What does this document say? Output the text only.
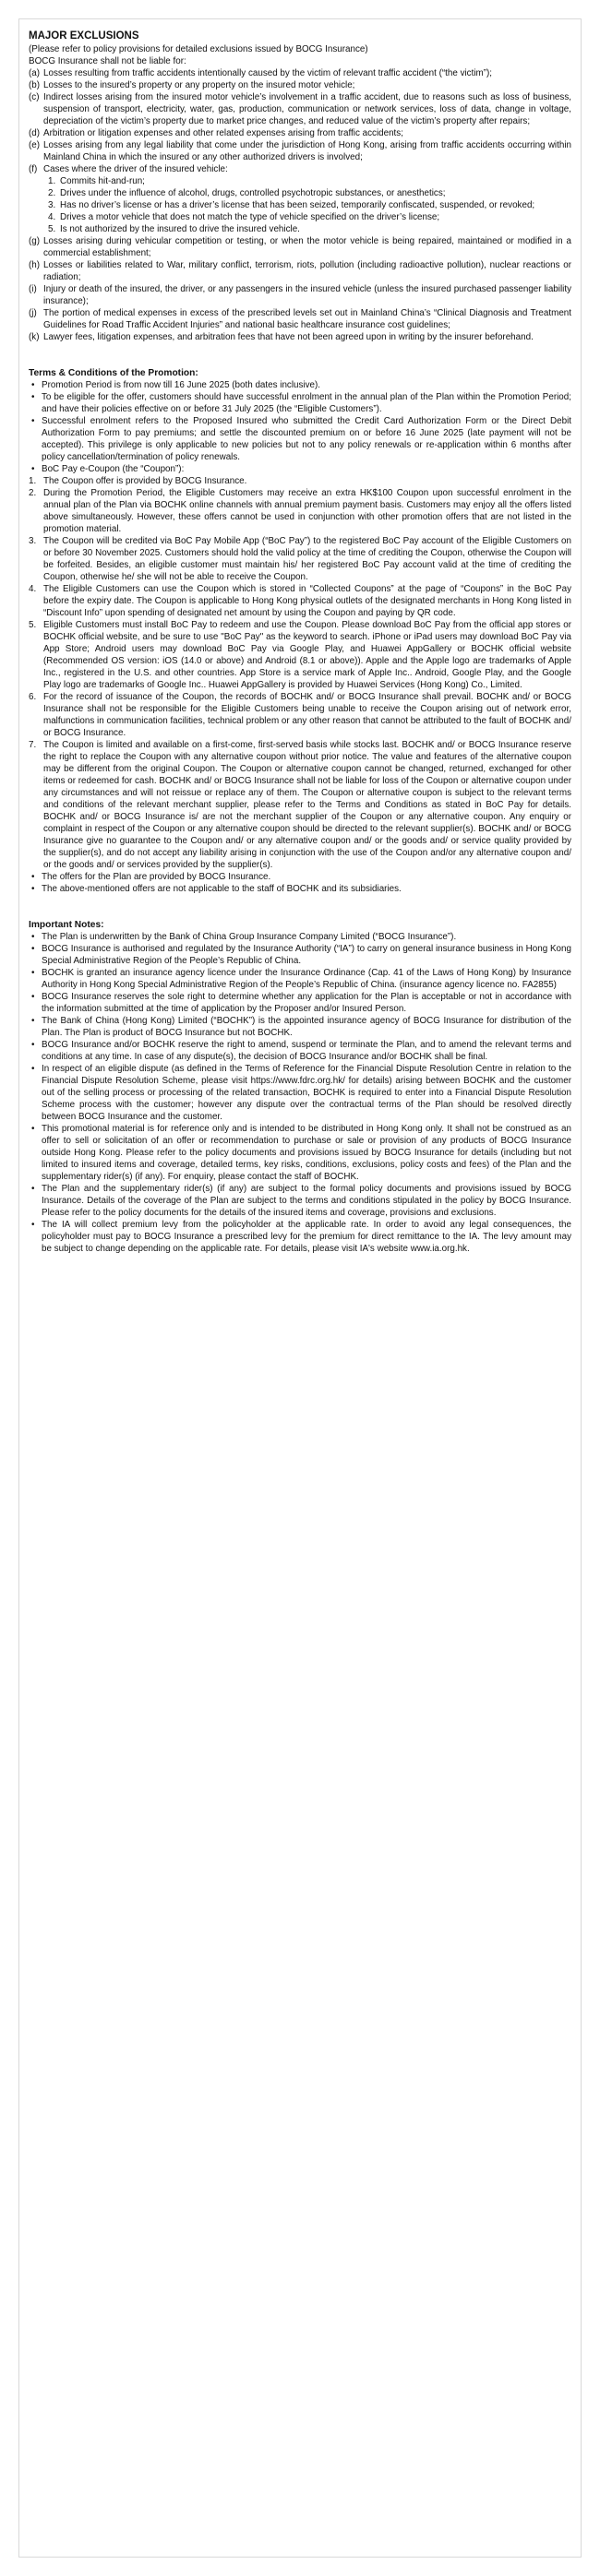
MAJOR EXCLUSIONS
(Please refer to policy provisions for detailed exclusions issued by BOCG Insurance)
BOCG Insurance shall not be liable for:
(a) Losses resulting from traffic accidents intentionally caused by the victim of relevant traffic accident (“the victim”);
(b) Losses to the insured’s property or any property on the insured motor vehicle;
(c) Indirect losses arising from the insured motor vehicle’s involvement in a traffic accident, due to reasons such as loss of business, suspension of transport, electricity, water, gas, production, communication or network services, loss of data, change in voltage, depreciation of the victim’s property due to market price changes, and reduced value of the victim’s property after repairs;
(d) Arbitration or litigation expenses and other related expenses arising from traffic accidents;
(e) Losses arising from any legal liability that come under the jurisdiction of Hong Kong, arising from traffic accidents occurring within Mainland China in which the insured or any other authorized drivers is involved;
(f) Cases where the driver of the insured vehicle:
1. Commits hit-and-run;
2. Drives under the influence of alcohol, drugs, controlled psychotropic substances, or anesthetics;
3. Has no driver’s license or has a driver’s license that has been seized, temporarily confiscated, suspended, or revoked;
4. Drives a motor vehicle that does not match the type of vehicle specified on the driver’s license;
5. Is not authorized by the insured to drive the insured vehicle.
(g) Losses arising during vehicular competition or testing, or when the motor vehicle is being repaired, maintained or modified in a commercial establishment;
(h) Losses or liabilities related to War, military conflict, terrorism, riots, pollution (including radioactive pollution), nuclear reactions or radiation;
(i) Injury or death of the insured, the driver, or any passengers in the insured vehicle (unless the insured purchased passenger liability insurance);
(j) The portion of medical expenses in excess of the prescribed levels set out in Mainland China’s “Clinical Diagnosis and Treatment Guidelines for Road Traffic Accident Injuries” and national basic healthcare insurance cost guidelines;
(k) Lawyer fees, litigation expenses, and arbitration fees that have not been agreed upon in writing by the insurer beforehand.
Terms & Conditions of the Promotion:
• Promotion Period is from now till 16 June 2025 (both dates inclusive).
• To be eligible for the offer, customers should have successful enrolment in the annual plan of the Plan within the Promotion Period; and have their policies effective on or before 31 July 2025 (the “Eligible Customers”).
• Successful enrolment refers to the Proposed Insured who submitted the Credit Card Authorization Form or the Direct Debit Authorization Form to pay premiums; and settle the discounted premium on or before 16 June 2025 (late payment will not be accepted). This privilege is only applicable to new policies but not to any policy renewals or re-application within 6 months after policy cancellation/termination of policy renewals.
• BoC Pay e-Coupon (the “Coupon”):
1. The Coupon offer is provided by BOCG Insurance.
2. During the Promotion Period, the Eligible Customers may receive an extra HK$100 Coupon upon successful enrolment in the annual plan of the Plan via BOCHK online channels with annual premium payment basis. Customers may enjoy all the offers listed above simultaneously. However, these offers cannot be used in conjunction with other promotion offers that are not listed in the promotion material.
3. The Coupon will be credited via BoC Pay Mobile App (“BoC Pay”) to the registered BoC Pay account of the Eligible Customers on or before 30 November 2025. Customers should hold the valid policy at the time of crediting the Coupon, otherwise the Coupon will be forfeited. Besides, an eligible customer must maintain his/ her registered BoC Pay account valid at the time of crediting the Coupon, otherwise he/ she will not be able to receive the Coupon.
4. The Eligible Customers can use the Coupon which is stored in “Collected Coupons” at the page of “Coupons” in the BoC Pay before the expiry date. The Coupon is applicable to Hong Kong physical outlets of the designated merchants in Hong Kong listed in “Discount Info” upon spending of designated net amount by using the Coupon and paying by QR code.
5. Eligible Customers must install BoC Pay to redeem and use the Coupon. Please download BoC Pay from the official app stores or BOCHK official website, and be sure to use "BoC Pay" as the keyword to search. iPhone or iPad users may download BoC Pay via App Store; Android users may download BoC Pay via Google Play, and Huawei AppGallery or BOCHK official website (Recommended OS version: iOS (14.0 or above) and Android (8.1 or above)). Apple and the Apple logo are trademarks of Apple Inc., registered in the U.S. and other countries. App Store is a service mark of Apple Inc.. Android, Google Play, and the Google Play logo are trademarks of Google Inc.. Huawei AppGallery is provided by Huawei Services (Hong Kong) Co., Limited.
6. For the record of issuance of the Coupon, the records of BOCHK and/ or BOCG Insurance shall prevail. BOCHK and/ or BOCG Insurance shall not be responsible for the Eligible Customers being unable to receive the Coupon arising out of network error, malfunctions in communication facilities, technical problem or any other reason that cannot be attributed to the fault of BOCHK and/ or BOCG Insurance.
7. The Coupon is limited and available on a first-come, first-served basis while stocks last. BOCHK and/ or BOCG Insurance reserve the right to replace the Coupon with any alternative coupon without prior notice. The value and features of the alternative coupon may be different from the original Coupon. The Coupon or alternative coupon cannot be changed, returned, exchanged for other items or redeemed for cash. BOCHK and/ or BOCG Insurance shall not be liable for loss of the Coupon or alternative coupon under any circumstances and will not reissue or replace any of them. The Coupon or alternative coupon is subject to the relevant terms and conditions of the relevant merchant supplier, please refer to the Terms and Conditions as stated in BoC Pay for details. BOCHK and/ or BOCG Insurance is/ are not the merchant supplier of the Coupon or any alternative coupon. Any enquiry or complaint in respect of the Coupon or any alternative coupon should be directed to the relevant supplier(s). BOCHK and/ or BOCG Insurance give no guarantee to the Coupon and/ or any alternative coupon and/ or the goods and/ or service quality provided by the supplier(s), and do not accept any liability arising in conjunction with the use of the Coupon and/or any alternative coupon and/ or the goods and/ or services provided by the supplier(s).
• The offers for the Plan are provided by BOCG Insurance.
• The above-mentioned offers are not applicable to the staff of BOCHK and its subsidiaries.
Important Notes:
• The Plan is underwritten by the Bank of China Group Insurance Company Limited (“BOCG Insurance”).
• BOCG Insurance is authorised and regulated by the Insurance Authority (“IA”) to carry on general insurance business in Hong Kong Special Administrative Region of the People’s Republic of China.
• BOCHK is granted an insurance agency licence under the Insurance Ordinance (Cap. 41 of the Laws of Hong Kong) by Insurance Authority in Hong Kong Special Administrative Region of the People’s Republic of China. (insurance agency licence no. FA2855)
• BOCG Insurance reserves the sole right to determine whether any application for the Plan is acceptable or not in accordance with the information submitted at the time of application by the Proposer and/or Insured Person.
• The Bank of China (Hong Kong) Limited (“BOCHK”) is the appointed insurance agency of BOCG Insurance for distribution of the Plan. The Plan is product of BOCG Insurance but not BOCHK.
• BOCG Insurance and/or BOCHK reserve the right to amend, suspend or terminate the Plan, and to amend the relevant terms and conditions at any time. In case of any dispute(s), the decision of BOCG Insurance and/or BOCHK shall be final.
• In respect of an eligible dispute (as defined in the Terms of Reference for the Financial Dispute Resolution Centre in relation to the Financial Dispute Resolution Scheme, please visit https://www.fdrc.org.hk/ for details) arising between BOCHK and the customer out of the selling process or processing of the related transaction, BOCHK is required to enter into a Financial Dispute Resolution Scheme process with the customer; however any dispute over the contractual terms of the Plan should be resolved directly between BOCG Insurance and the customer.
• This promotional material is for reference only and is intended to be distributed in Hong Kong only. It shall not be construed as an offer to sell or solicitation of an offer or recommendation to purchase or sale or provision of any products of BOCG Insurance outside Hong Kong. Please refer to the policy documents and provisions issued by BOCG Insurance for details (including but not limited to insured items and coverage, detailed terms, key risks, conditions, exclusions, policy costs and fees) of the Plan and the supplementary rider(s) (if any). For enquiry, please contact the staff of BOCHK.
• The Plan and the supplementary rider(s) (if any) are subject to the formal policy documents and provisions issued by BOCG Insurance. Details of the coverage of the Plan are subject to the terms and conditions stipulated in the policy by BOCG Insurance. Please refer to the policy documents for the details of the insured items and coverage, provisions and exclusions.
• The IA will collect premium levy from the policyholder at the applicable rate. In order to avoid any legal consequences, the policyholder must pay to BOCG Insurance a prescribed levy for the premium for direct remittance to the IA. The levy amount may be subject to change depending on the applicable rate. For details, please visit IA's website www.ia.org.hk.
